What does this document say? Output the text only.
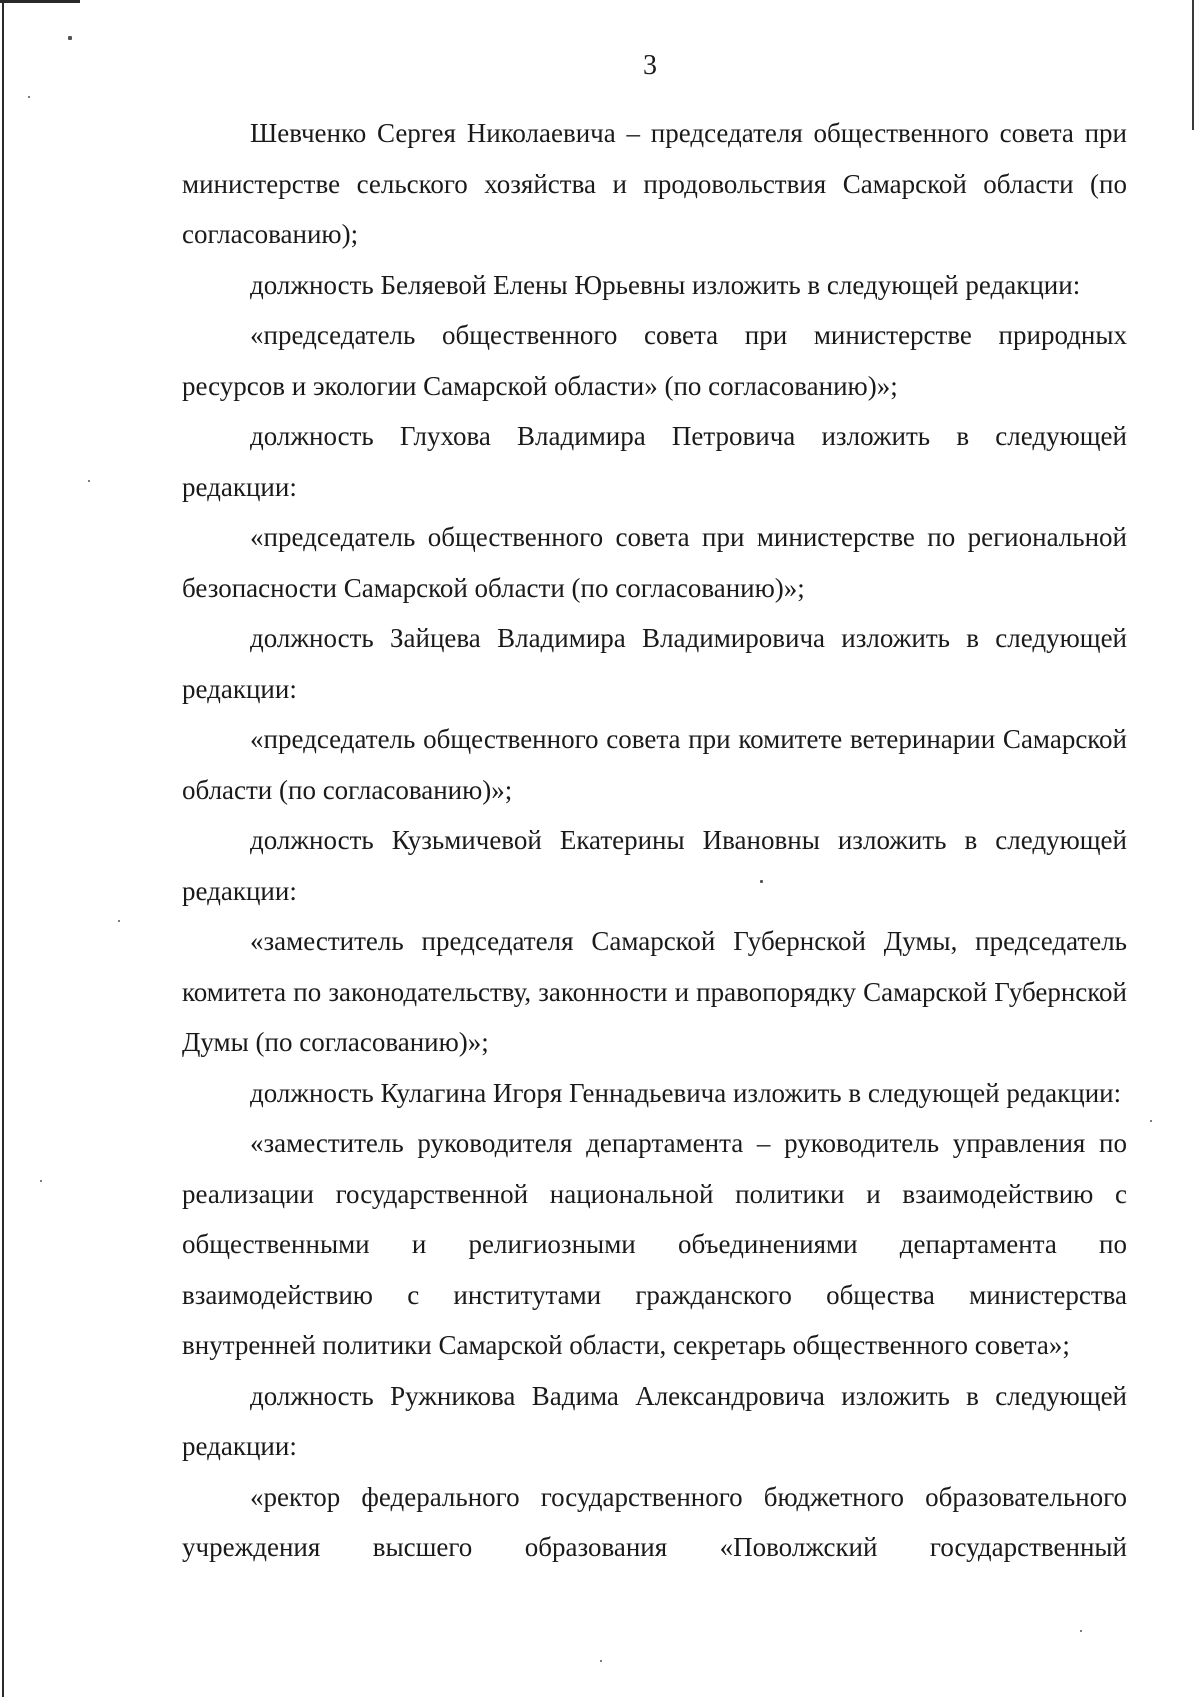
3

Шевченко Сергея Николаевича – председателя общественного совета при министерстве сельского хозяйства и продовольствия Самарской области (по согласованию);

должность Беляевой Елены Юрьевны изложить в следующей редакции:

«председатель общественного совета при министерстве природных ресурсов и экологии Самарской области» (по согласованию)»;

должность Глухова Владимира Петровича изложить в следующей редакции:

«председатель общественного совета при министерстве по региональной безопасности Самарской области (по согласованию)»;

должность Зайцева Владимира Владимировича изложить в следующей редакции:

«председатель общественного совета при комитете ветеринарии Самарской области (по согласованию)»;

должность Кузьмичевой Екатерины Ивановны изложить в следующей редакции:

«заместитель председателя Самарской Губернской Думы, председатель комитета по законодательству, законности и правопорядку Самарской Губернской Думы (по согласованию)»;

должность Кулагина Игоря Геннадьевича изложить в следующей редакции:

«заместитель руководителя департамента – руководитель управления по реализации государственной национальной политики и взаимодействию с общественными и религиозными объединениями департамента по взаимодействию с институтами гражданского общества министерства внутренней политики Самарской области, секретарь общественного совета»;

должность Ружникова Вадима Александровича изложить в следующей редакции:

«ректор федерального государственного бюджетного образовательного учреждения высшего образования «Поволжский государственный
